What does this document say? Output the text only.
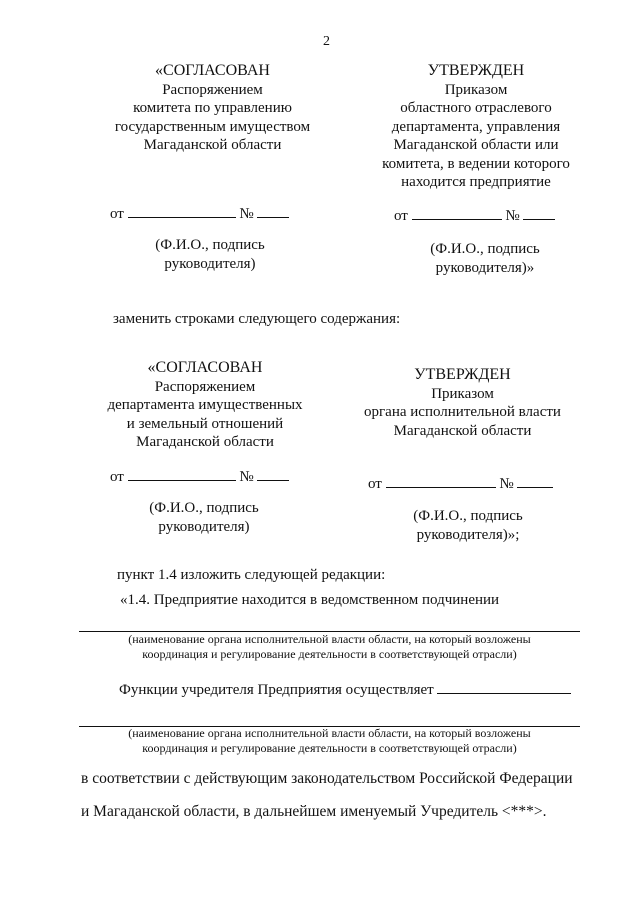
2
«СОГЛАСОВАН
Распоряжением
комитета по управлению
государственным имуществом
Магаданской области
от	№
(Ф.И.О., подпись
руководителя)
УТВЕРЖДЕН
Приказом
областного отраслевого
департамента, управления
Магаданской области или
комитета, в ведении которого
находится предприятие
от	№
(Ф.И.О., подпись
руководителя)»
заменить строками следующего содержания:
«СОГЛАСОВАН
Распоряжением
департамента имущественных
и земельный отношений
Магаданской области
от	№
(Ф.И.О., подпись
руководителя)
УТВЕРЖДЕН
Приказом
органа исполнительной власти
Магаданской области
от	№
(Ф.И.О., подпись
руководителя)»;
пункт 1.4 изложить следующей редакции:
«1.4. Предприятие находится в ведомственном подчинении
(наименование органа исполнительной власти области, на который возложены
координация и регулирование деятельности в соответствующей отрасли)
Функции учредителя Предприятия осуществляет
(наименование органа исполнительной власти области, на который возложены
координация и регулирование деятельности в соответствующей отрасли)
в соответствии с действующим законодательством Российской Федерации
и Магаданской области, в дальнейшем именуемый Учредитель <***>.
